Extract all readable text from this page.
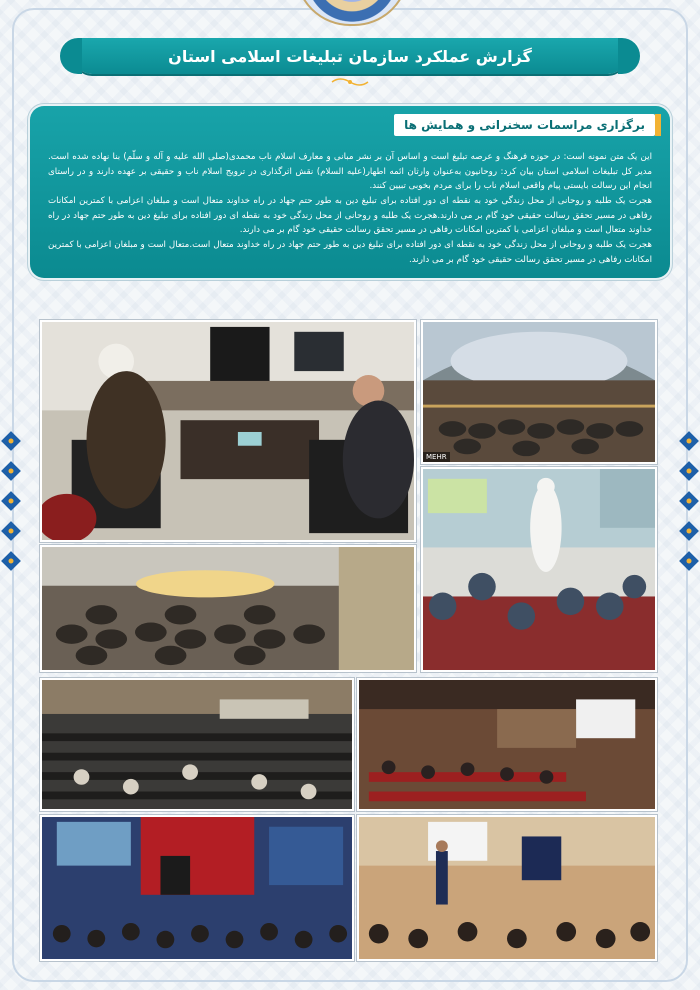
گزارش عملکرد سازمان تبلیغات اسلامی استان
برگزاری مراسمات سخنرانی و همایش ها

این یک متن نمونه است: در حوزه فرهنگ و عرصه تبلیغ است و اساس آن بر نشر مبانی و معارف اسلام ناب محمدی(صلی الله علیه و آله و سلّم) بنا نهاده شده است. مدیر کل تبلیغات اسلامی استان بیان کرد: روحانیون به‌عنوان وارثان ائمه اطهار(علیه السلام) نقش اثرگذاری در ترویج اسلام ناب و حقیقی بر عهده دارند و در راستای انجام این رسالت بایستی پیام واقعی اسلام ناب را برای مردم بخوبی تبیین کنند.

هجرت یک طلبه و روحانی از محل زندگی خود به نقطه ای دور افتاده برای تبلیغ دین به طور حتم جهاد در راه خداوند متعال است و مبلغان اعزامی با کمترین امکانات رفاهی در مسیر تحقق رسالت حقیقی خود گام بر می دارند.هجرت یک طلبه و روحانی از محل زندگی خود به نقطه ای دور افتاده برای تبلیغ دین به طور حتم جهاد در راه خداوند متعال است و مبلغان اعزامی با کمترین امکانات رفاهی در مسیر تحقق رسالت حقیقی خود گام بر می دارند.

هجرت یک طلبه و روحانی از محل زندگی خود به نقطه ای دور افتاده برای تبلیغ دین به طور حتم جهاد در راه خداوند متعال است.متعال است و مبلغان اعزامی با کمترین امکانات رفاهی در مسیر تحقق رسالت حقیقی خود گام بر می دارند.

MEHR
